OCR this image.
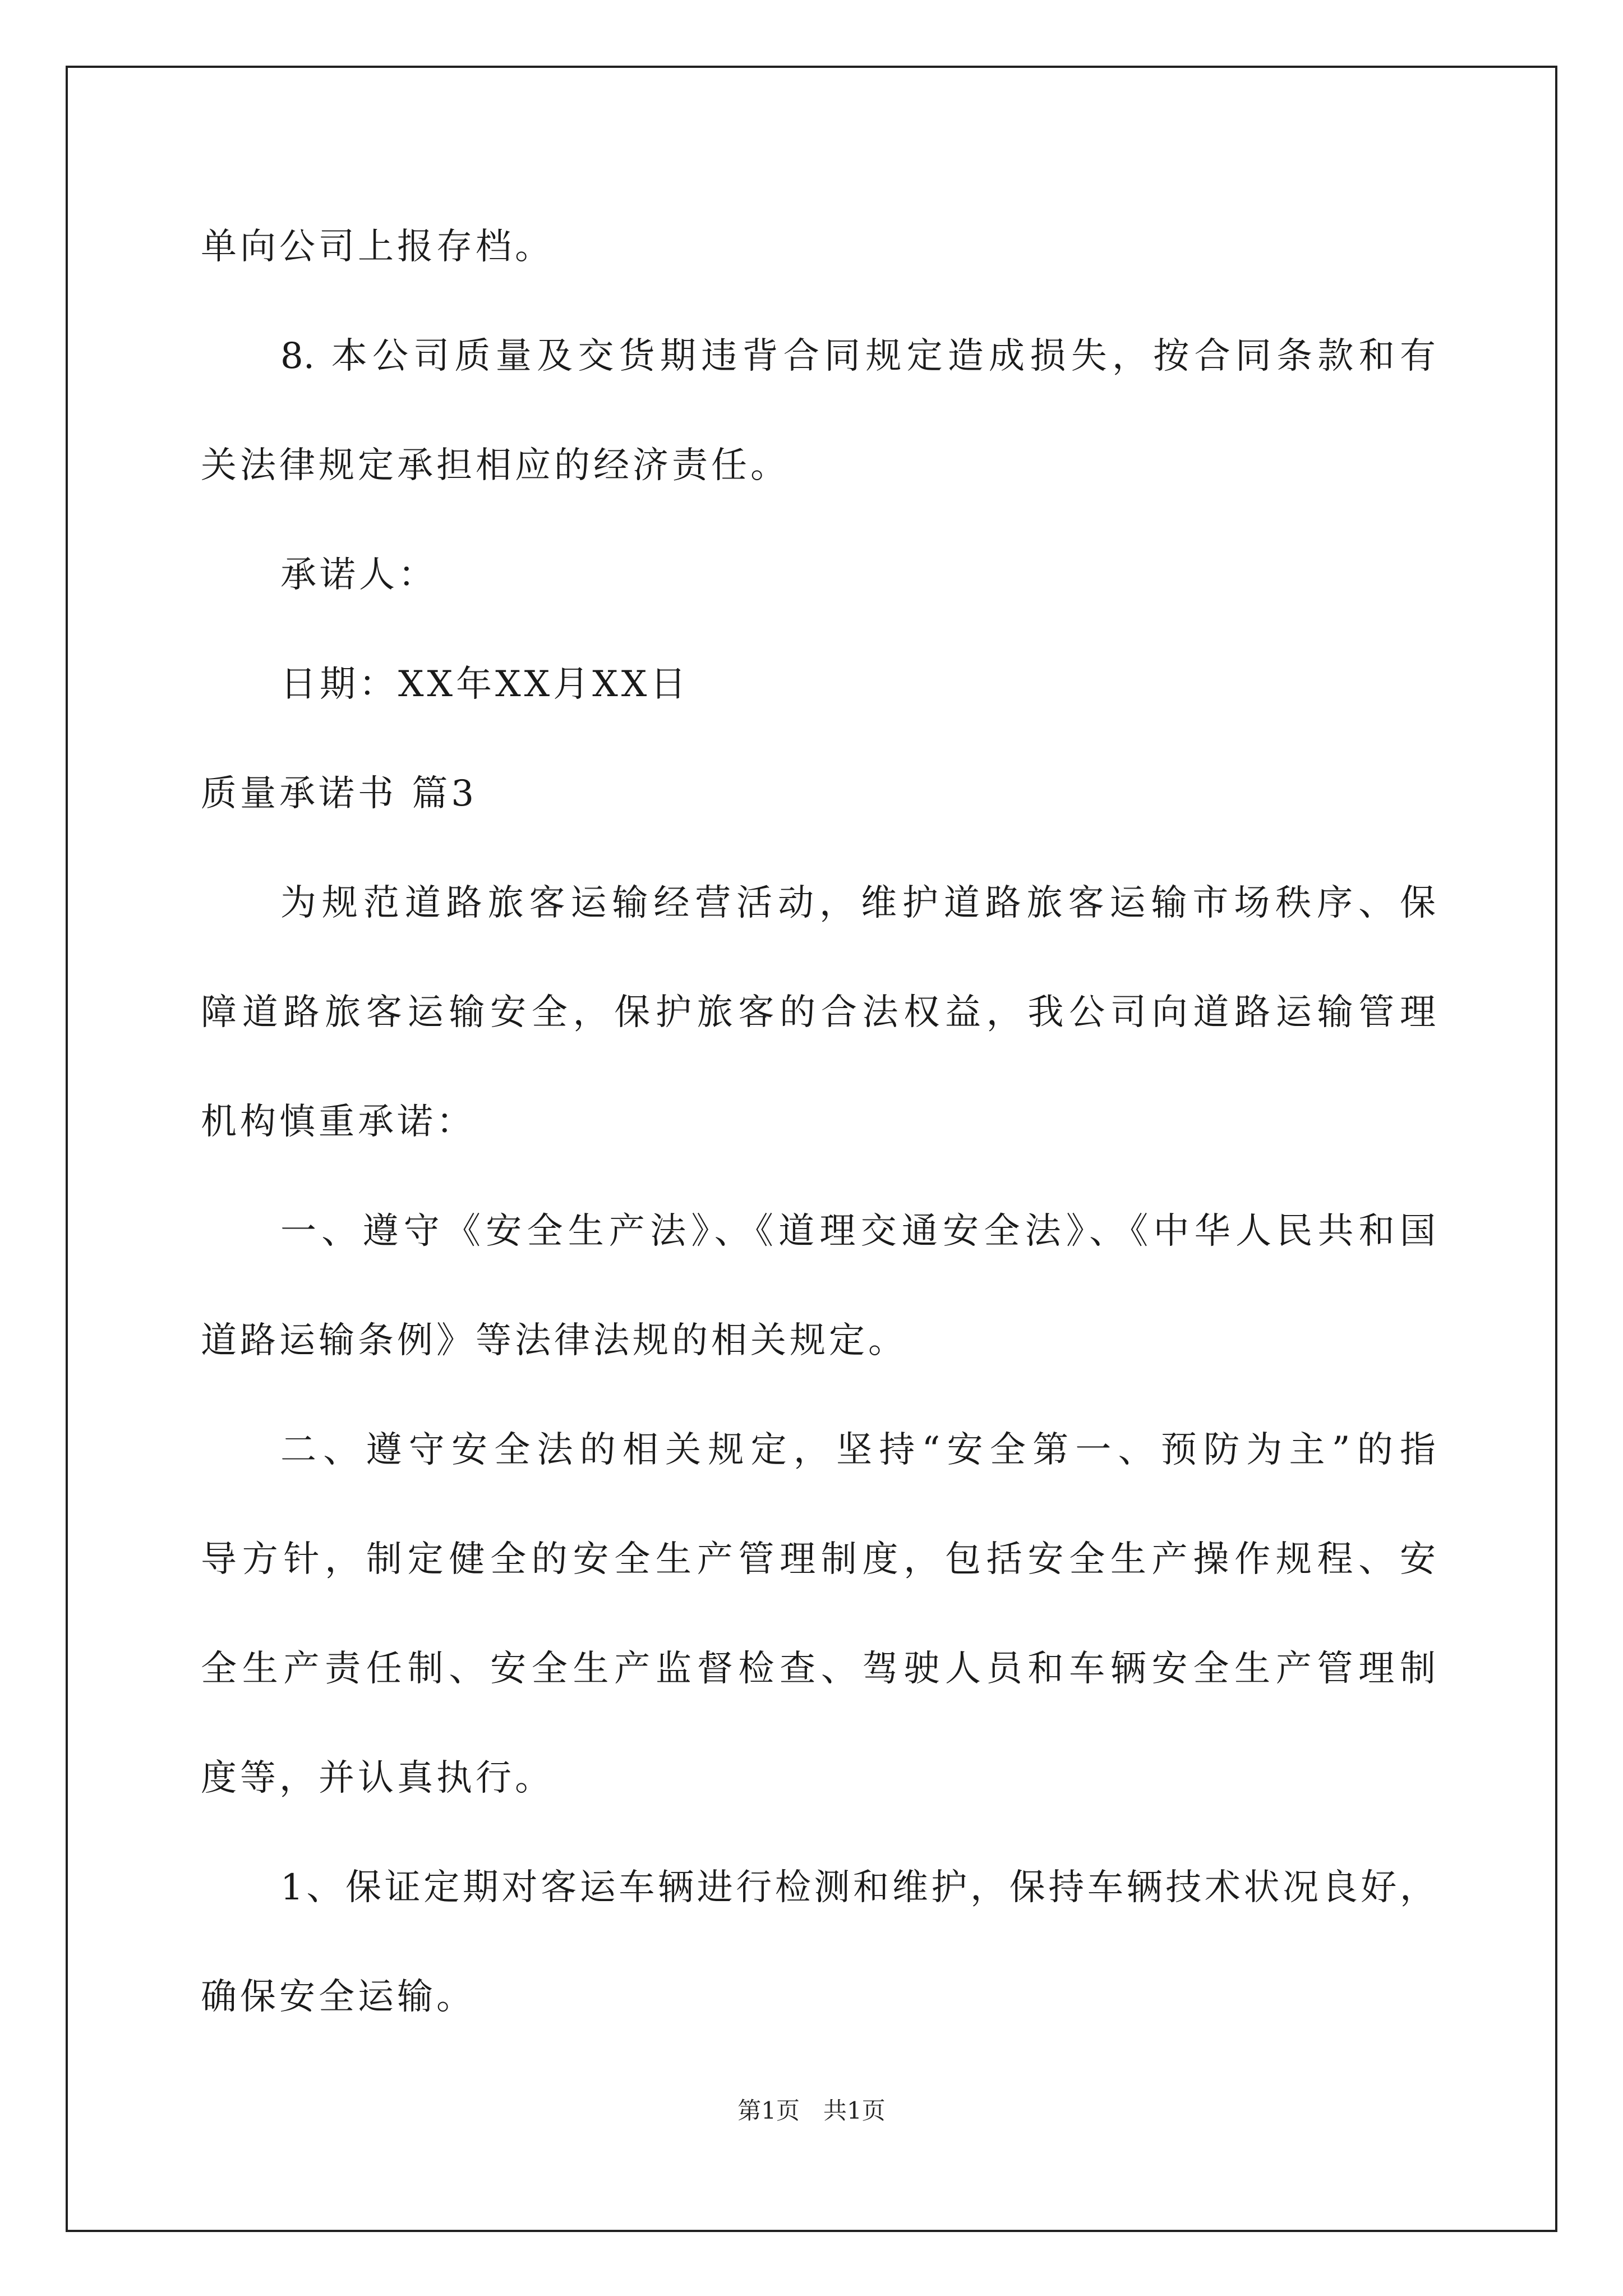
单向公司上报存档。
8. 本公司质量及交货期违背合同规定造成损失，按合同条款和有
关法律规定承担相应的经济责任。
承诺人：
日期：XX年XX月XX日
质量承诺书 篇3
为规范道路旅客运输经营活动，维护道路旅客运输市场秩序、保
障道路旅客运输安全，保护旅客的合法权益，我公司向道路运输管理
机构慎重承诺：
一、遵守《安全生产法》、《道理交通安全法》、《中华人民共和国
道路运输条例》等法律法规的相关规定。
二、遵守安全法的相关规定，坚持“安全第一、预防为主”的指
导方针，制定健全的安全生产管理制度，包括安全生产操作规程、安
全生产责任制、安全生产监督检查、驾驶人员和车辆安全生产管理制
度等，并认真执行。
1、保证定期对客运车辆进行检测和维护，保持车辆技术状况良好，
确保安全运输。
第1页　共1页
